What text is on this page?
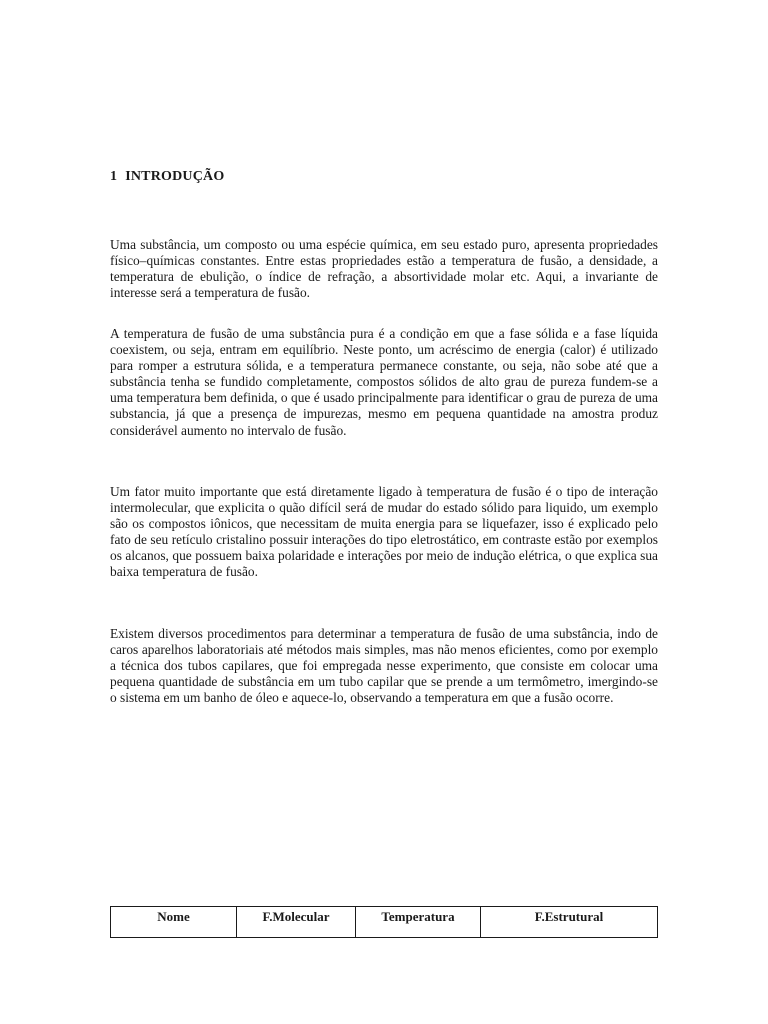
1 INTRODUÇÃO

Uma substância, um composto ou uma espécie química, em seu estado puro, apresenta propriedades físico–químicas constantes. Entre estas propriedades estão a temperatura de fusão, a densidade, a temperatura de ebulição, o índice de refração, a absortividade molar etc. Aqui, a invariante de interesse será a temperatura de fusão.

A temperatura de fusão de uma substância pura é a condição em que a fase sólida e a fase líquida coexistem, ou seja, entram em equilíbrio. Neste ponto, um acréscimo de energia (calor) é utilizado para romper a estrutura sólida, e a temperatura permanece constante, ou seja, não sobe até que a substância tenha se fundido completamente, compostos sólidos de alto grau de pureza fundem-se a uma temperatura bem definida, o que é usado principalmente para identificar o grau de pureza de uma substancia, já que a presença de impurezas, mesmo em pequena quantidade na amostra produz considerável aumento no intervalo de fusão.

Um fator muito importante que está diretamente ligado à temperatura de fusão é o tipo de interação intermolecular, que explicita o quão difícil será de mudar do estado sólido para liquido, um exemplo são os compostos iônicos, que necessitam de muita energia para se liquefazer, isso é explicado pelo fato de seu retículo cristalino possuir interações do tipo eletrostático, em contraste estão por exemplos os alcanos, que possuem baixa polaridade e interações por meio de indução elétrica, o que explica sua baixa temperatura de fusão.

Existem diversos procedimentos para determinar a temperatura de fusão de uma substância, indo de caros aparelhos laboratoriais até métodos mais simples, mas não menos eficientes, como por exemplo a técnica dos tubos capilares, que foi empregada nesse experimento, que consiste em colocar uma pequena quantidade de substância em um tubo capilar que se prende a um termômetro, imergindo-se o sistema em um banho de óleo e aquece-lo, observando a temperatura em que a fusão ocorre.

Nome	F.Molecular	Temperatura	F.Estrutural
